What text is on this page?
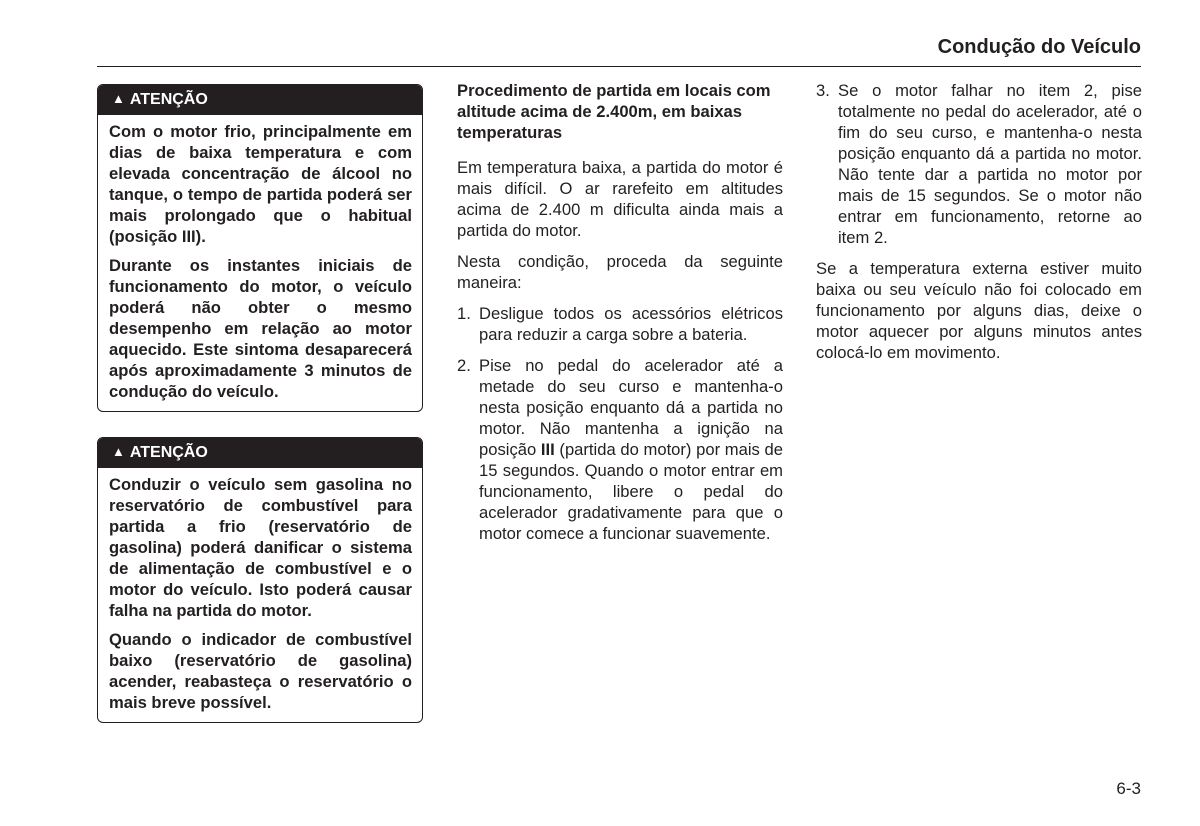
Condução do Veículo
▲ ATENÇÃO

Com o motor frio, principalmente em dias de baixa temperatura e com elevada concentração de álcool no tanque, o tempo de partida poderá ser mais prolongado que o habitual (posição III).

Durante os instantes iniciais de funcionamento do motor, o veículo poderá não obter o mesmo desempenho em relação ao motor aquecido. Este sintoma desaparecerá após aproximadamente 3 minutos de condução do veículo.

▲ ATENÇÃO

Conduzir o veículo sem gasolina no reservatório de combustível para partida a frio (reservatório de gasolina) poderá danificar o sistema de alimentação de combustível e o motor do veículo. Isto poderá causar falha na partida do motor.

Quando o indicador de combustível baixo (reservatório de gasolina) acender, reabasteça o reservatório o mais breve possível.

Procedimento de partida em locais com altitude acima de 2.400m, em baixas temperaturas

Em temperatura baixa, a partida do motor é mais difícil. O ar rarefeito em altitudes acima de 2.400 m dificulta ainda mais a partida do motor.

Nesta condição, proceda da seguinte maneira:

1. Desligue todos os acessórios elétricos para reduzir a carga sobre a bateria.
2. Pise no pedal do acelerador até a metade do seu curso e mantenha-o nesta posição enquanto dá a partida no motor. Não mantenha a ignição na posição III (partida do motor) por mais de 15 segundos. Quando o motor entrar em funcionamento, libere o pedal do acelerador gradativamente para que o motor comece a funcionar suavemente.
3. Se o motor falhar no item 2, pise totalmente no pedal do acelerador, até o fim do seu curso, e mantenha-o nesta posição enquanto dá a partida no motor. Não tente dar a partida no motor por mais de 15 segundos. Se o motor não entrar em funcionamento, retorne ao item 2.

Se a temperatura externa estiver muito baixa ou seu veículo não foi colocado em funcionamento por alguns dias, deixe o motor aquecer por alguns minutos antes colocá-lo em movimento.

6-3
